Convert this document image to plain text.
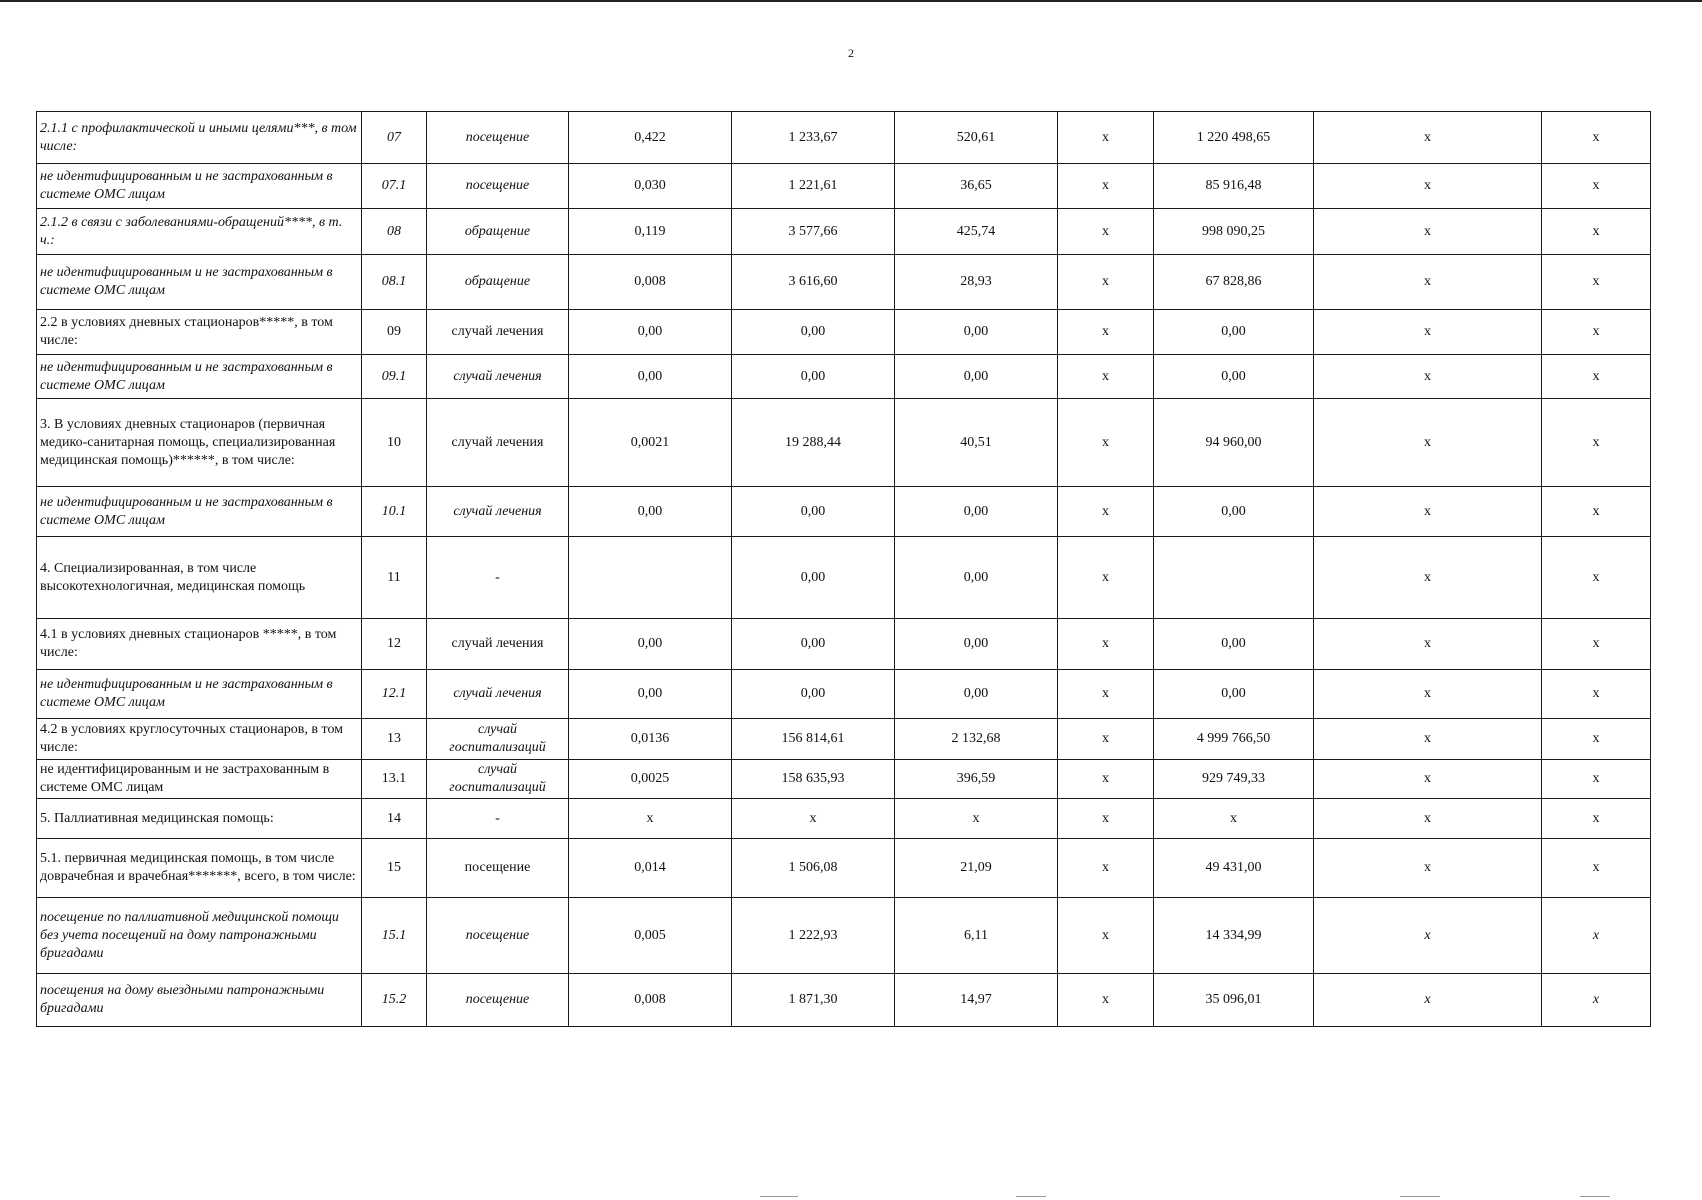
2
2.1.1 с профилактической и иными целями***, в том числе:	07	посещение	0,422	1 233,67	520,61	х	1 220 498,65	х	х
не идентифицированным и не застрахованным в системе ОМС лицам	07.1	посещение	0,030	1 221,61	36,65	х	85 916,48	х	х
2.1.2 в связи с заболеваниями-обращений****, в т. ч.:	08	обращение	0,119	3 577,66	425,74	х	998 090,25	х	х
не идентифицированным и не застрахованным в системе ОМС лицам	08.1	обращение	0,008	3 616,60	28,93	х	67 828,86	х	х
2.2 в условиях дневных стационаров*****, в том числе:	09	случай лечения	0,00	0,00	0,00	х	0,00	х	х
не идентифицированным и не застрахованным в системе ОМС лицам	09.1	случай лечения	0,00	0,00	0,00	х	0,00	х	х
3. В условиях дневных стационаров (первичная медико-санитарная помощь, специализированная медицинская помощь)******, в том числе:	10	случай лечения	0,0021	19 288,44	40,51	х	94 960,00	х	х
не идентифицированным и не застрахованным в системе ОМС лицам	10.1	случай лечения	0,00	0,00	0,00	х	0,00	х	х
4. Специализированная, в том числе высокотехнологичная, медицинская помощь	11	-		0,00	0,00	х		х	х
4.1 в условиях дневных стационаров *****, в том числе:	12	случай лечения	0,00	0,00	0,00	х	0,00	х	х
не идентифицированным и не застрахованным в системе ОМС лицам	12.1	случай лечения	0,00	0,00	0,00	х	0,00	х	х
4.2 в условиях круглосуточных стационаров, в том числе:	13	случай госпитализаций	0,0136	156 814,61	2 132,68	х	4 999 766,50	х	х
не идентифицированным и не застрахованным в системе ОМС лицам	13.1	случай госпитализаций	0,0025	158 635,93	396,59	х	929 749,33	х	х
5. Паллиативная медицинская помощь:	14	-	х	х	х	х	х	х	х
5.1. первичная медицинская помощь, в том числе доврачебная и врачебная*******, всего, в том числе:	15	посещение	0,014	1 506,08	21,09	х	49 431,00	х	х
посещение по паллиативной медицинской помощи без учета посещений на дому патронажными бригадами	15.1	посещение	0,005	1 222,93	6,11	х	14 334,99	х	х
посещения на дому выездными патронажными бригадами	15.2	посещение	0,008	1 871,30	14,97	х	35 096,01	х	х
